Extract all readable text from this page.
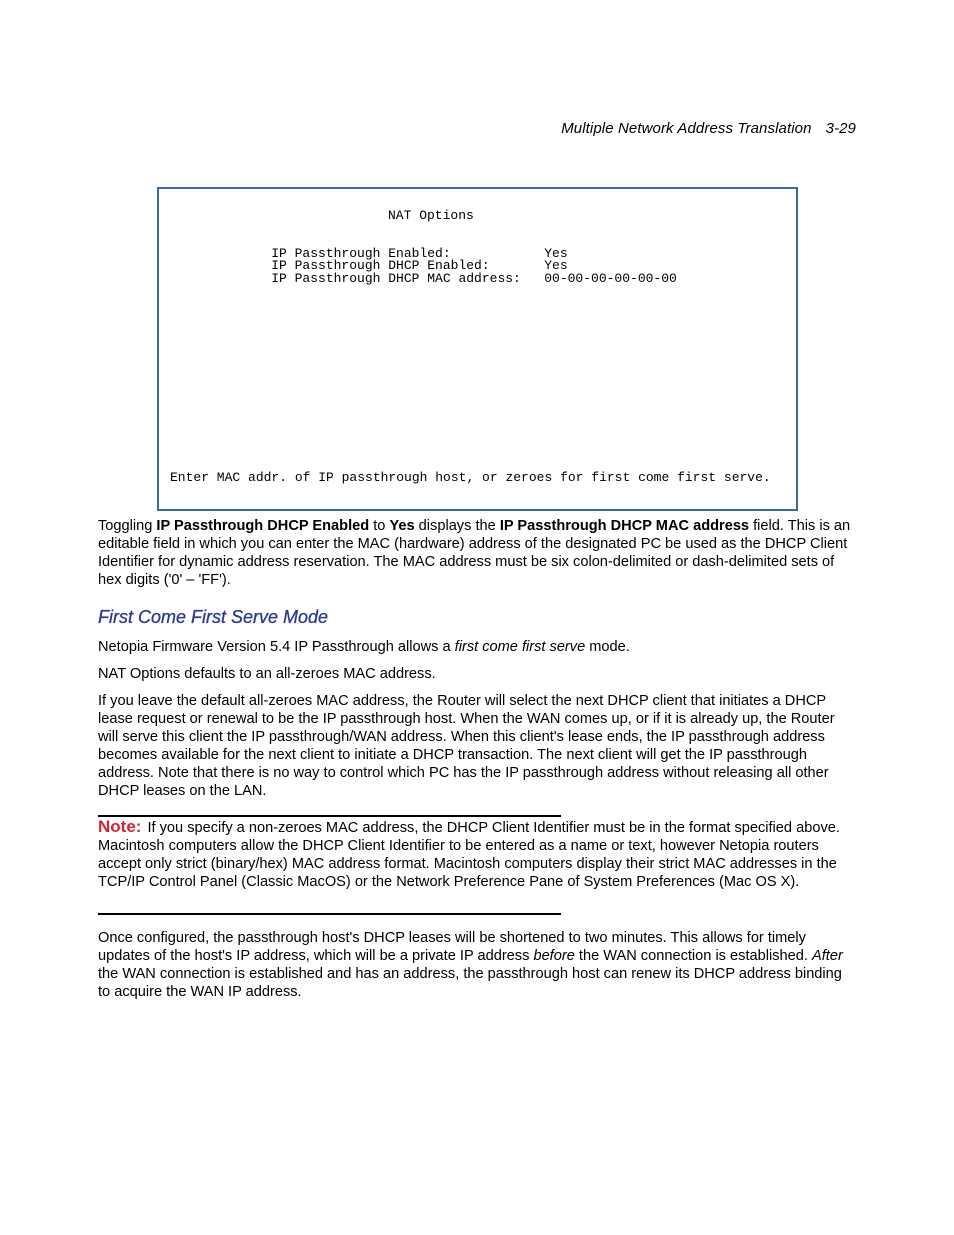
Multiple Network Address Translation 3-29

NAT Options

IP Passthrough Enabled:	Yes

IP Passthrough DHCP Enabled:	Yes

IP Passthrough DHCP MAC address: 00-00-00-00-00-00

Enter MAC addr. of IP passthrough host, or zeroes for first come first serve.

Toggling IP Passthrough DHCP Enabled to Yes displays the IP Passthrough DHCP MAC address field. This is an editable field in which you can enter the MAC (hardware) address of the designated PC be used as the DHCP Client Identifier for dynamic address reservation. The MAC address must be six colon-delimited or dash-delimited sets of hex digits ('0' – 'FF').

First Come First Serve Mode

Netopia Firmware Version 5.4 IP Passthrough allows a first come first serve mode.

NAT Options defaults to an all-zeroes MAC address.

If you leave the default all-zeroes MAC address, the Router will select the next DHCP client that initiates a DHCP lease request or renewal to be the IP passthrough host. When the WAN comes up, or if it is already up, the Router will serve this client the IP passthrough/WAN address. When this client's lease ends, the IP passthrough address becomes available for the next client to initiate a DHCP transaction. The next client will get the IP passthrough address. Note that there is no way to control which PC has the IP passthrough address without releasing all other DHCP leases on the LAN.

Note: If you specify a non-zeroes MAC address, the DHCP Client Identifier must be in the format specified above. Macintosh computers allow the DHCP Client Identifier to be entered as a name or text, however Netopia routers accept only strict (binary/hex) MAC address format. Macintosh computers display their strict MAC addresses in the TCP/IP Control Panel (Classic MacOS) or the Network Preference Pane of System Preferences (Mac OS X).

Once configured, the passthrough host's DHCP leases will be shortened to two minutes. This allows for timely updates of the host's IP address, which will be a private IP address before the WAN connection is established. After the WAN connection is established and has an address, the passthrough host can renew its DHCP address binding to acquire the WAN IP address.
